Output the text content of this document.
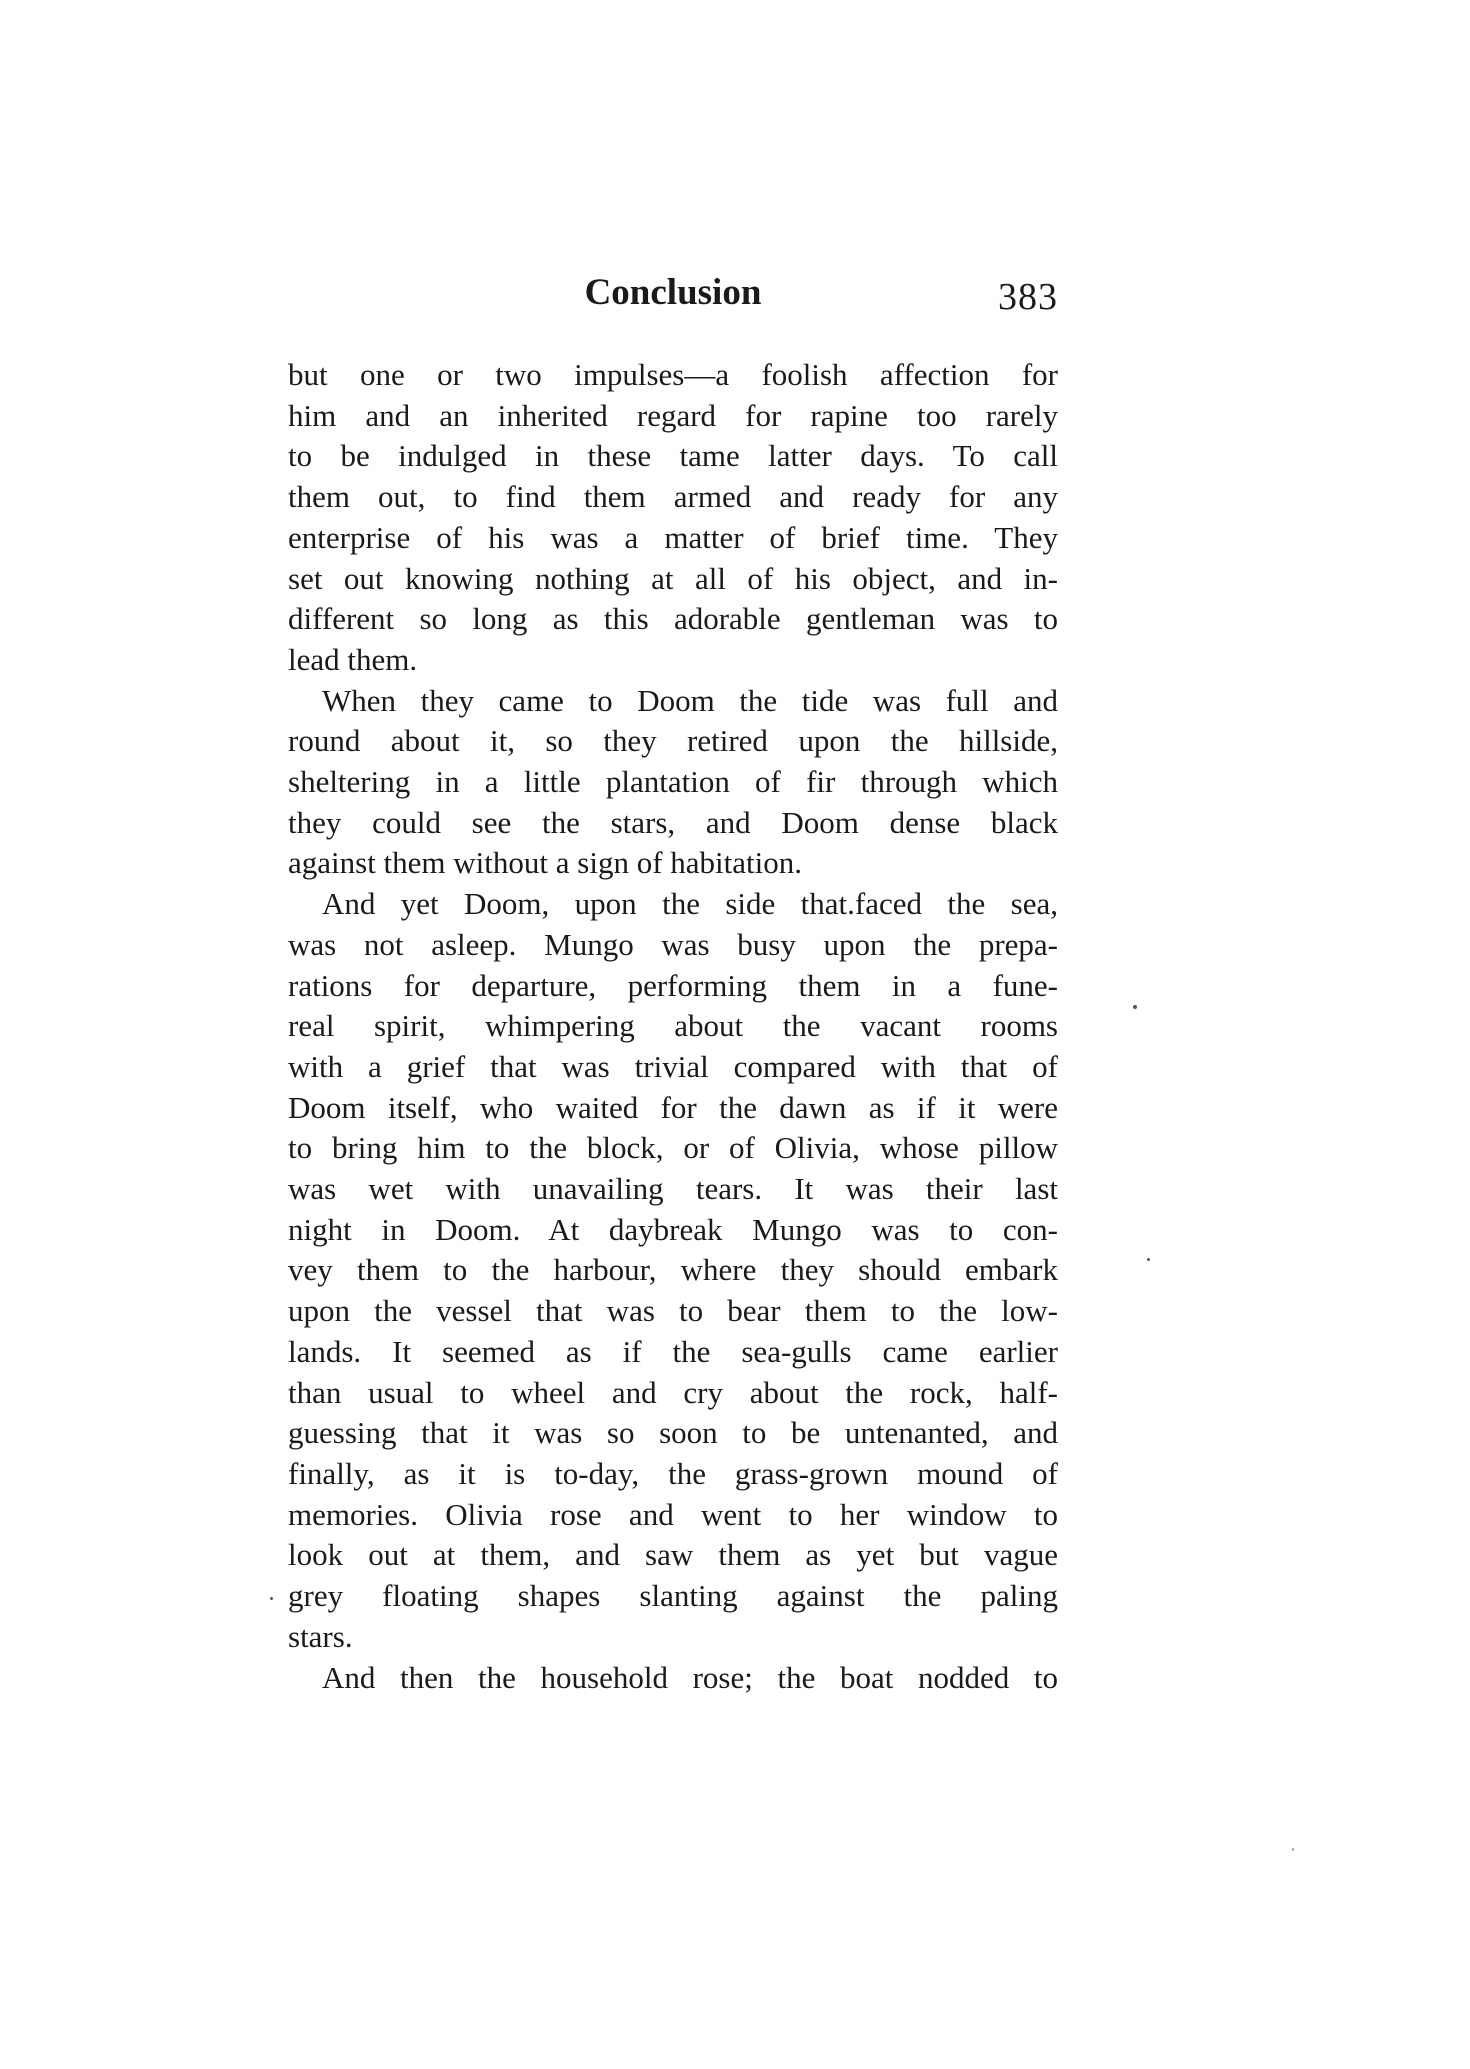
Conclusion	383

but one or two impulses—a foolish affection for
him and an inherited regard for rapine too rarely
to be indulged in these tame latter days. To call
them out, to find them armed and ready for any
enterprise of his was a matter of brief time. They
set out knowing nothing at all of his object, and in-
different so long as this adorable gentleman was to
lead them.

When they came to Doom the tide was full and
round about it, so they retired upon the hillside,
sheltering in a little plantation of fir through which
they could see the stars, and Doom dense black
against them without a sign of habitation.

And yet Doom, upon the side that.faced the sea,
was not asleep. Mungo was busy upon the prepa-
rations for departure, performing them in a fune-
real spirit, whimpering about the vacant rooms
with a grief that was trivial compared with that of
Doom itself, who waited for the dawn as if it were
to bring him to the block, or of Olivia, whose pillow
was wet with unavailing tears. It was their last
night in Doom. At daybreak Mungo was to con-
vey them to the harbour, where they should embark
upon the vessel that was to bear them to the low-
lands. It seemed as if the sea-gulls came earlier
than usual to wheel and cry about the rock, half-
guessing that it was so soon to be untenanted, and
finally, as it is to-day, the grass-grown mound of
memories. Olivia rose and went to her window to
look out at them, and saw them as yet but vague
grey floating shapes slanting against the paling
stars.

And then the household rose; the boat nodded to
